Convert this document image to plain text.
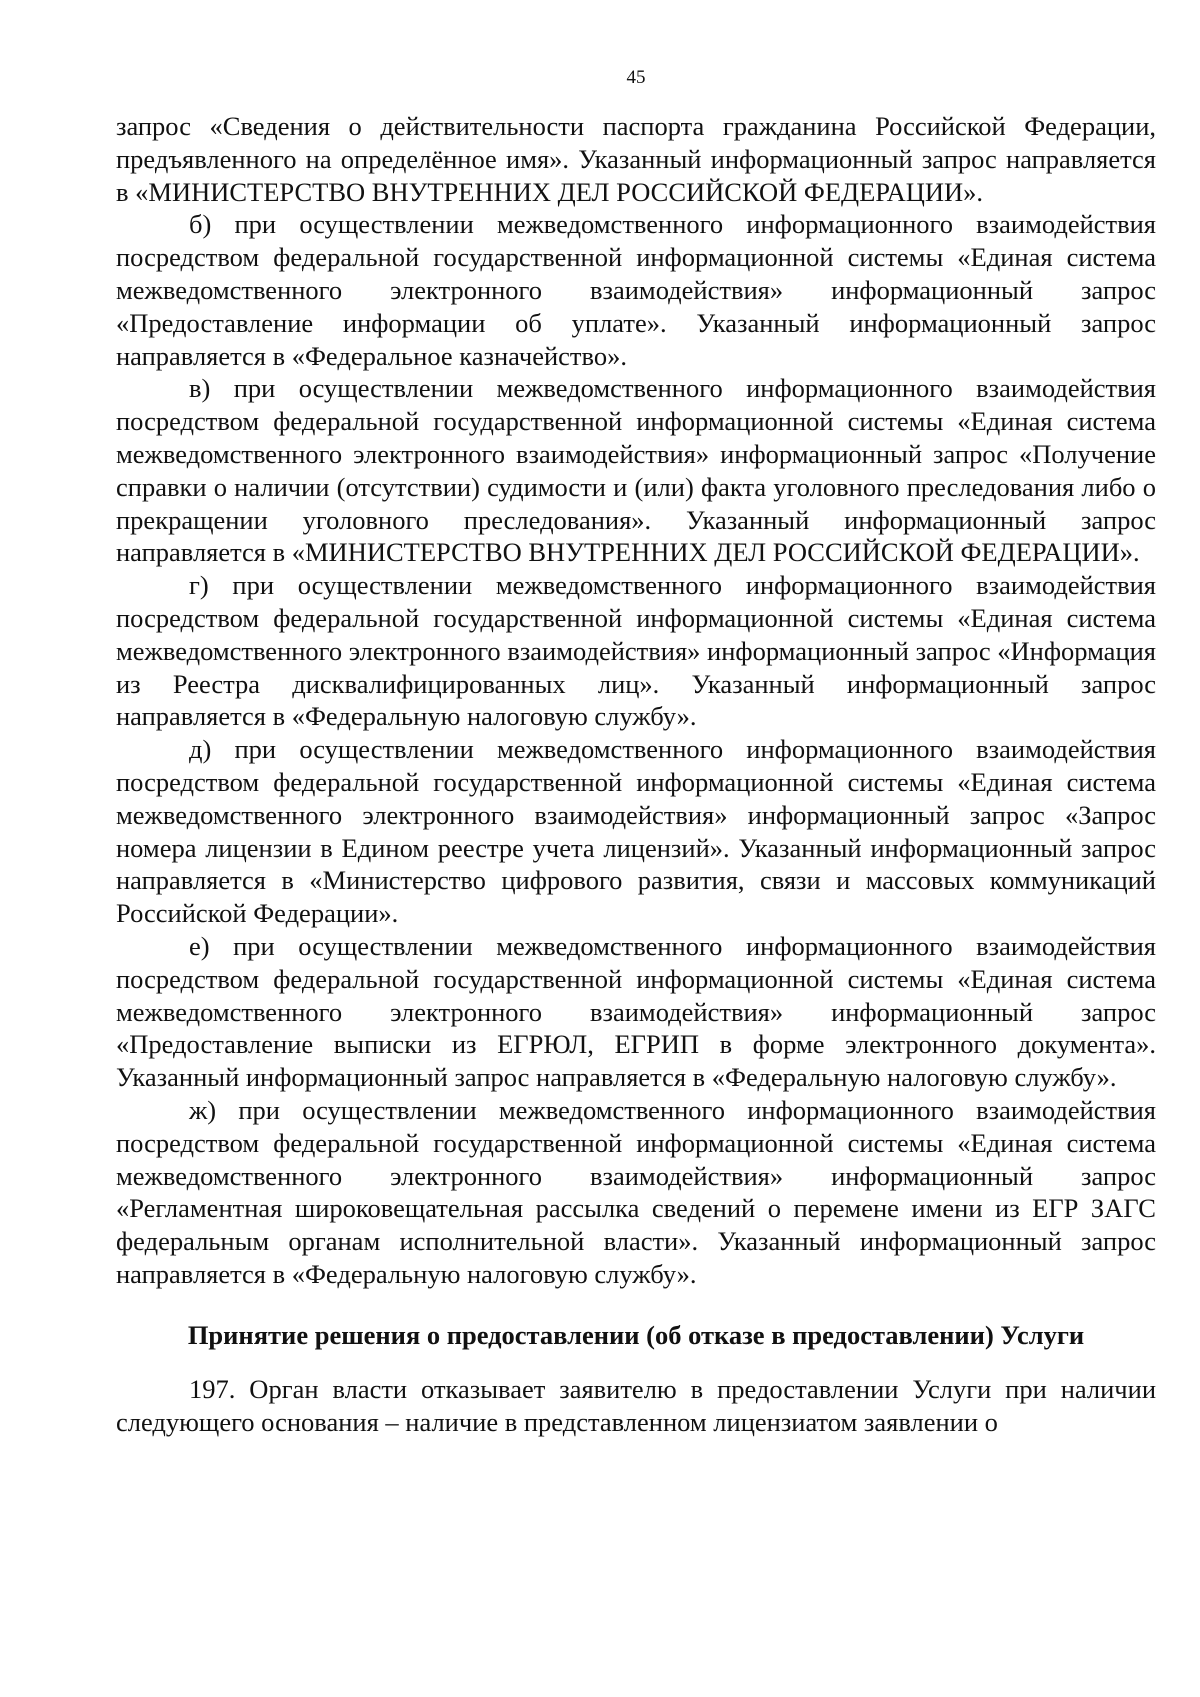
45

запрос «Сведения о действительности паспорта гражданина Российской Федерации, предъявленного на определённое имя». Указанный информационный запрос направляется в «МИНИСТЕРСТВО ВНУТРЕННИХ ДЕЛ РОССИЙСКОЙ ФЕДЕРАЦИИ».

б) при осуществлении межведомственного информационного взаимодействия посредством федеральной государственной информационной системы «Единая система межведомственного электронного взаимодействия» информационный запрос «Предоставление информации об уплате». Указанный информационный запрос направляется в «Федеральное казначейство».

в) при осуществлении межведомственного информационного взаимодействия посредством федеральной государственной информационной системы «Единая система межведомственного электронного взаимодействия» информационный запрос «Получение справки о наличии (отсутствии) судимости и (или) факта уголовного преследования либо о прекращении уголовного преследования». Указанный информационный запрос направляется в «МИНИСТЕРСТВО ВНУТРЕННИХ ДЕЛ РОССИЙСКОЙ ФЕДЕРАЦИИ».

г) при осуществлении межведомственного информационного взаимодействия посредством федеральной государственной информационной системы «Единая система межведомственного электронного взаимодействия» информационный запрос «Информация из Реестра дисквалифицированных лиц». Указанный информационный запрос направляется в «Федеральную налоговую службу».

д) при осуществлении межведомственного информационного взаимодействия посредством федеральной государственной информационной системы «Единая система межведомственного электронного взаимодействия» информационный запрос «Запрос номера лицензии в Едином реестре учета лицензий». Указанный информационный запрос направляется в «Министерство цифрового развития, связи и массовых коммуникаций Российской Федерации».

е) при осуществлении межведомственного информационного взаимодействия посредством федеральной государственной информационной системы «Единая система межведомственного электронного взаимодействия» информационный запрос «Предоставление выписки из ЕГРЮЛ, ЕГРИП в форме электронного документа». Указанный информационный запрос направляется в «Федеральную налоговую службу».

ж) при осуществлении межведомственного информационного взаимодействия посредством федеральной государственной информационной системы «Единая система межведомственного электронного взаимодействия» информационный запрос «Регламентная широковещательная рассылка сведений о перемене имени из ЕГР ЗАГС федеральным органам исполнительной власти». Указанный информационный запрос направляется в «Федеральную налоговую службу».

Принятие решения о предоставлении (об отказе в предоставлении) Услуги

197. Орган власти отказывает заявителю в предоставлении Услуги при наличии следующего основания – наличие в представленном лицензиатом заявлении о
